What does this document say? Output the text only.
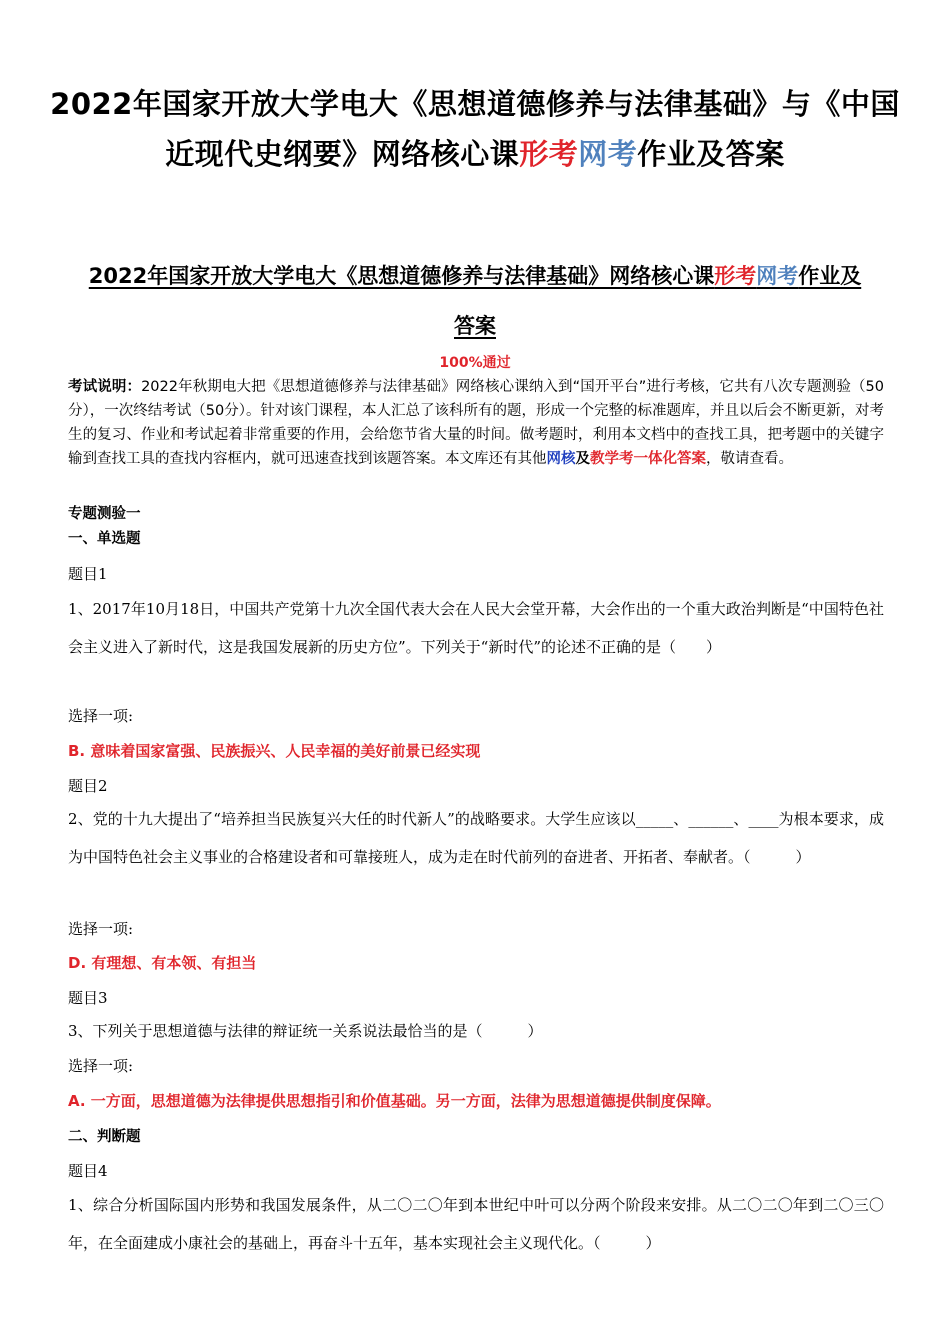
2022年国家开放大学电大《思想道德修养与法律基础》与《中国
近现代史纲要》网络核心课形考网考作业及答案
2022年国家开放大学电大《思想道德修养与法律基础》网络核心课形考网考作业及
答案
100%通过
考试说明：2022年秋期电大把《思想道德修养与法律基础》网络核心课纳入到“国开平台”进行考核，它共有八次专题测验（50分），一次终结考试（50分）。针对该门课程，本人汇总了该科所有的题，形成一个完整的标准题库，并且以后会不断更新，对考生的复习、作业和考试起着非常重要的作用，会给您节省大量的时间。做考题时，利用本文档中的查找工具，把考题中的关键字输到查找工具的查找内容框内，就可迅速查找到该题答案。本文库还有其他网核及教学考一体化答案，敬请查看。
专题测验一
一、单选题
题目1
1、2017年10月18日，中国共产党第十九次全国代表大会在人民大会堂开幕，大会作出的一个重大政治判断是“中国特色社会主义进入了新时代，这是我国发展新的历史方位”。下列关于“新时代”的论述不正确的是（　　）
选择一项:
B. 意味着国家富强、民族振兴、人民幸福的美好前景已经实现
题目2
2、党的十九大提出了“培养担当民族复兴大任的时代新人”的战略要求。大学生应该以_____、______、____为根本要求，成为中国特色社会主义事业的合格建设者和可靠接班人，成为走在时代前列的奋进者、开拓者、奉献者。（　　　）
选择一项:
D. 有理想、有本领、有担当
题目3
3、下列关于思想道德与法律的辩证统一关系说法最恰当的是（　　　）
选择一项:
A. 一方面，思想道德为法律提供思想指引和价值基础。另一方面，法律为思想道德提供制度保障。
二、判断题
题目4
1、综合分析国际国内形势和我国发展条件，从二〇二〇年到本世纪中叶可以分两个阶段来安排。从二〇二〇年到二〇三〇年，在全面建成小康社会的基础上，再奋斗十五年，基本实现社会主义现代化。（　　　）
